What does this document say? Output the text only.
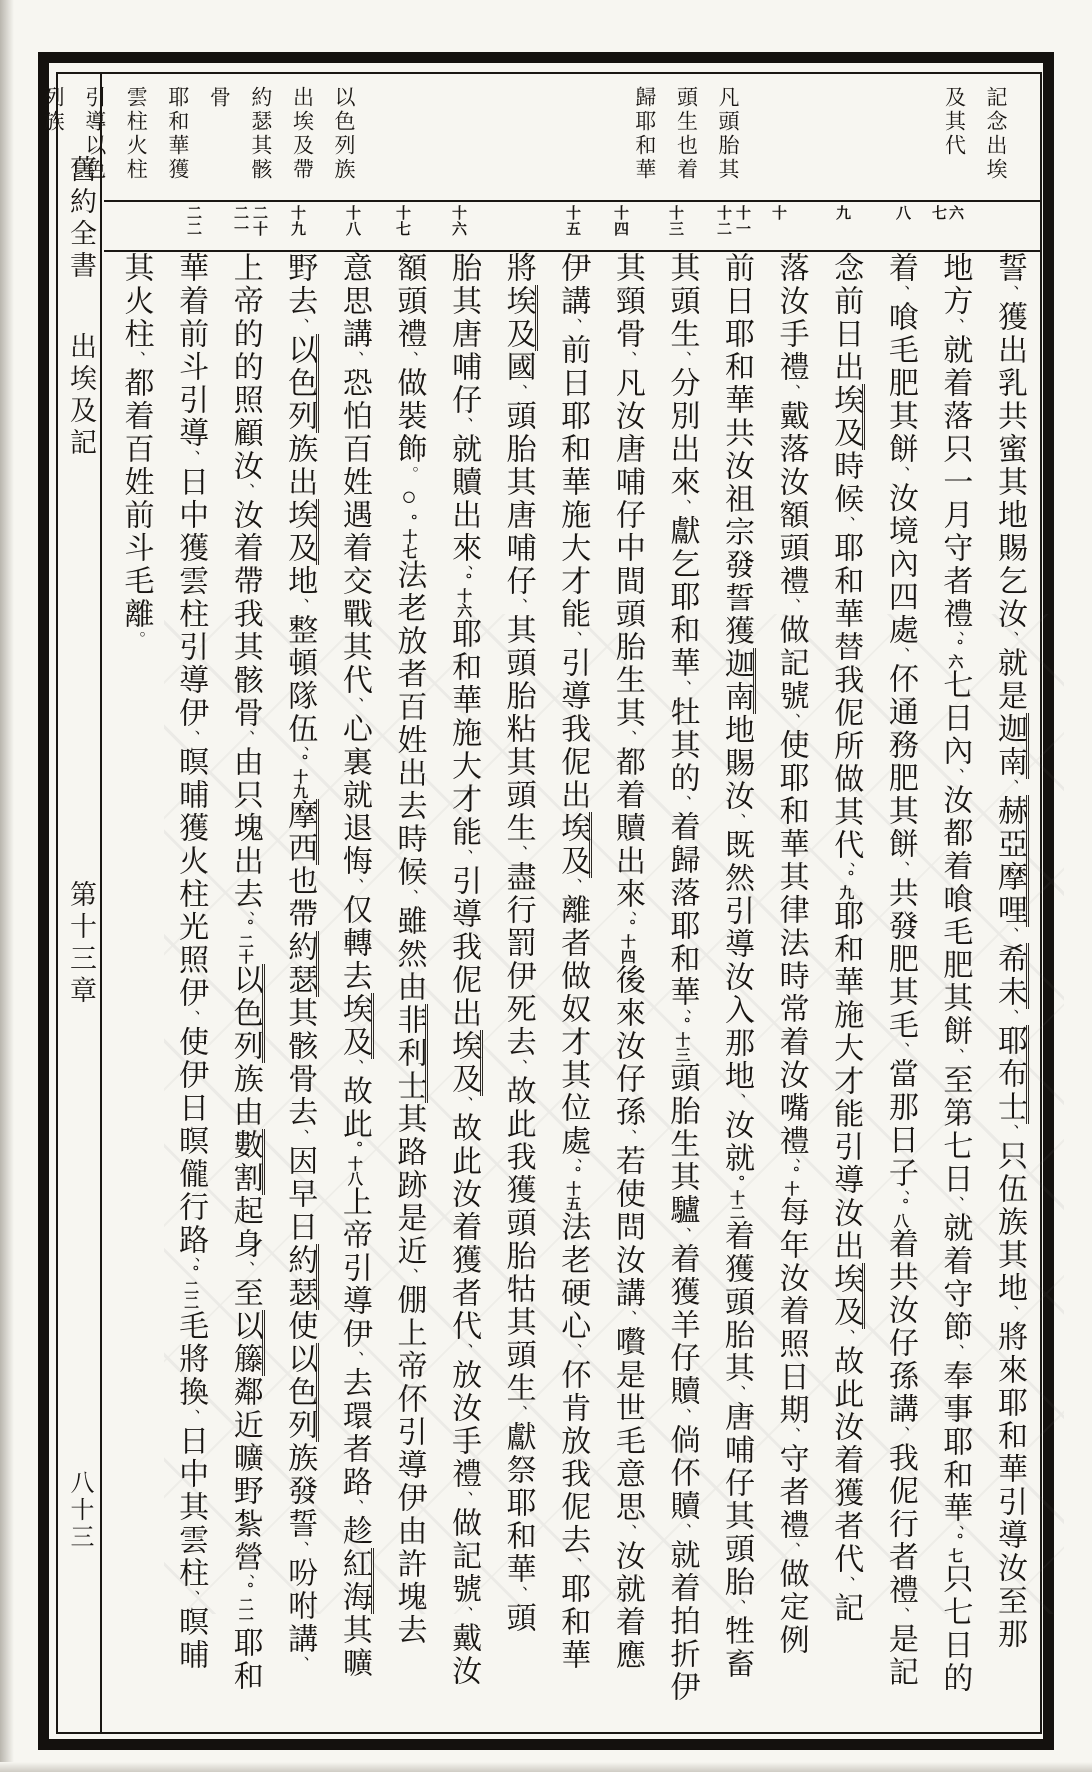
舊約全書
出埃及記
第十三章
八十三
記念出埃
及其代
凡頭胎其
頭生也着
歸耶和華
以色列族
出埃及帶
約瑟其骸
骨
耶和華獲
雲柱火柱
引導以色
列族
六
七
八
九
十
十一
十二
十三
十四
十五
十六
十七
十八
十九
二十
二一
二二
誓、獲出乳共蜜其地賜乞汝、就是迦南、赫亞摩哩、希未、耶布士、只伍族其地、將來耶和華引導汝至那
地方、就着落只一月守者禮、。六七日內、汝都着喰毛肥其餅、至第七日、就着守節、奉事耶和華、。七只七日的
着、喰毛肥其餅、汝境內四處、伓通務肥其餅、共發肥其毛、當那日子、。八着共汝仔孫講、我伲行者禮、是記
念前日出埃及時候、耶和華替我伲所做其代、。九耶和華施大才能引導汝出埃及、故此汝着獲者代、記
落汝手禮、戴落汝額頭禮、做記號、使耶和華其律法時常着汝嘴禮、。十每年汝着照日期、守者禮、做定例
前日耶和華共汝祖宗發誓獲迦南地賜汝、既然引導汝入那地、汝就。十二着獲頭胎其、唐哺仔其頭胎、牲畜
其頭生、分別出來、獻乞耶和華、牡其的、着歸落耶和華、。十三頭胎生其驢、着獲羊仔贖、倘伓贖、就着拍折伊
其頸骨、凡汝唐哺仔中間頭胎生其、都着贖出來、。十四後來汝仔孫、若使問汝講、嚽是世毛意思、汝就着應
伊講、前日耶和華施大才能、引導我伲出埃及、離者做奴才其位處、。十五法老硬心、伓肯放我伲去、耶和華
將埃及國、頭胎其唐哺仔、其頭胎粘其頭生、盡行罰伊死去、故此我獲頭胎牯其頭生、獻祭耶和華、頭
胎其唐哺仔、就贖出來、。十六耶和華施大才能、引導我伲出埃及、故此汝着獲者代、放汝手禮、做記號、戴汝
額頭禮、做裝飾。○。十七法老放者百姓出去時候、雖然由非利士其路跡是近、倗上帝伓引導伊由許塊去
意思講、恐怕百姓遇着交戰其代、心裏就退悔、仅轉去埃及、故此。十八上帝引導伊、去環者路、趁紅海其曠
野去、以色列族出埃及地、整頓隊伍、。十九摩西也帶約瑟其骸骨去、因早日約瑟使以色列族發誓、吩咐講、
上帝的的照顧汝、汝着帶我其骸骨、由只塊出去、。二十以色列族由數割起身、至以籐鄰近曠野紮營、。二一耶和
華着前斗引導、日中獲雲柱引導伊、暝晡獲火柱光照伊、使伊日暝儱行路、。二二毛將換、日中其雲柱、暝晡
其火柱、都着百姓前斗毛離。
